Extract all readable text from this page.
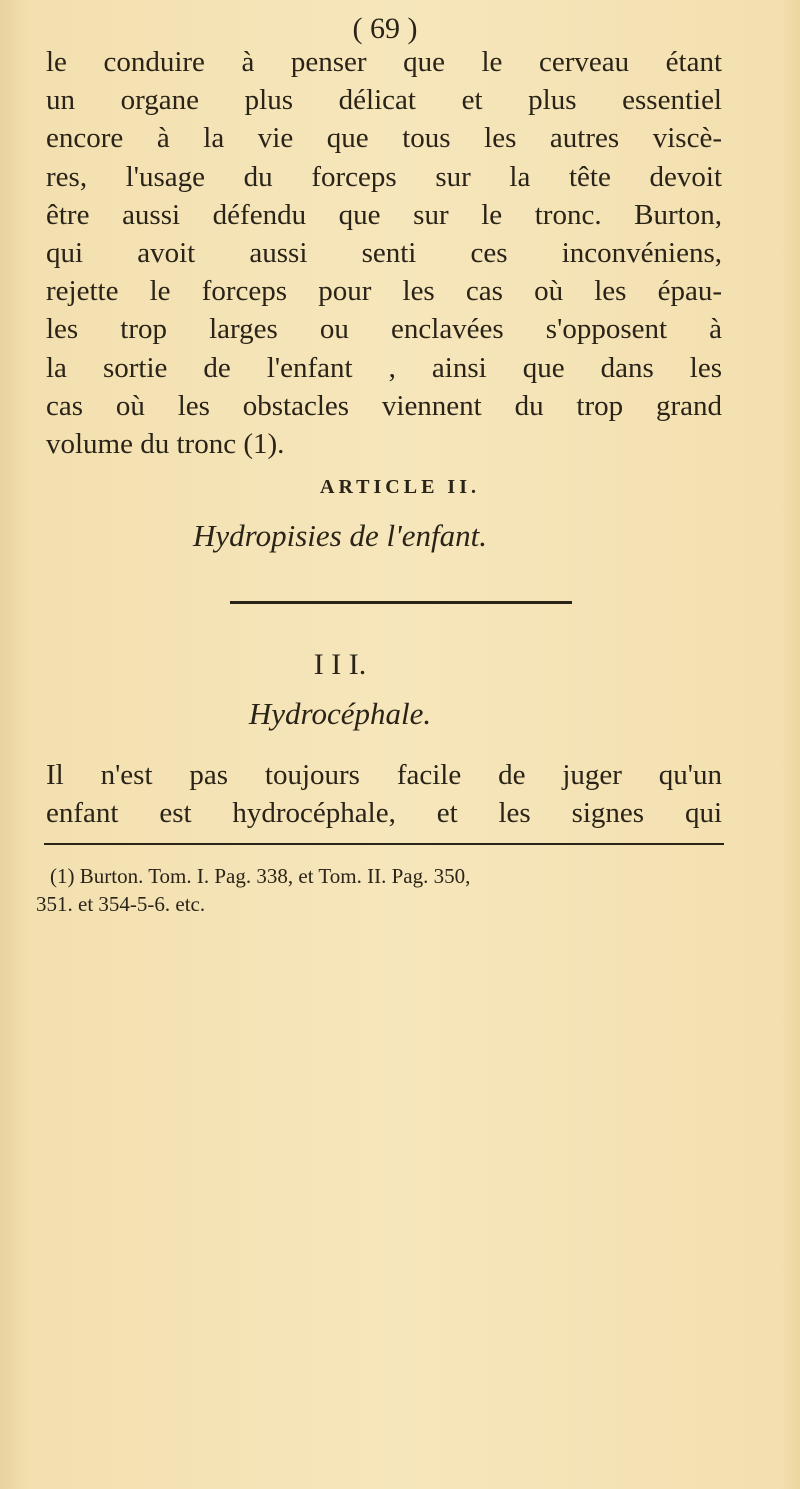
( 69 )
le conduire à penser que le cerveau étant
un organe plus délicat et plus essentiel
encore à la vie que tous les autres viscè-
res, l'usage du forceps sur la tête devoit
être aussi défendu que sur le tronc. Burton,
qui avoit aussi senti ces inconvéniens,
rejette le forceps pour les cas où les épau-
les trop larges ou enclavées s'opposent à
la sortie de l'enfant , ainsi que dans les
cas où les obstacles viennent du trop grand
volume du tronc (1).
ARTICLE II.
Hydropisies de l'enfant.
I I I.
Hydrocéphale.
Il n'est pas toujours facile de juger qu'un
enfant est hydrocéphale, et les signes qui
(1) Burton. Tom. I. Pag. 338, et Tom. II. Pag. 350,
351. et 354-5-6. etc.
